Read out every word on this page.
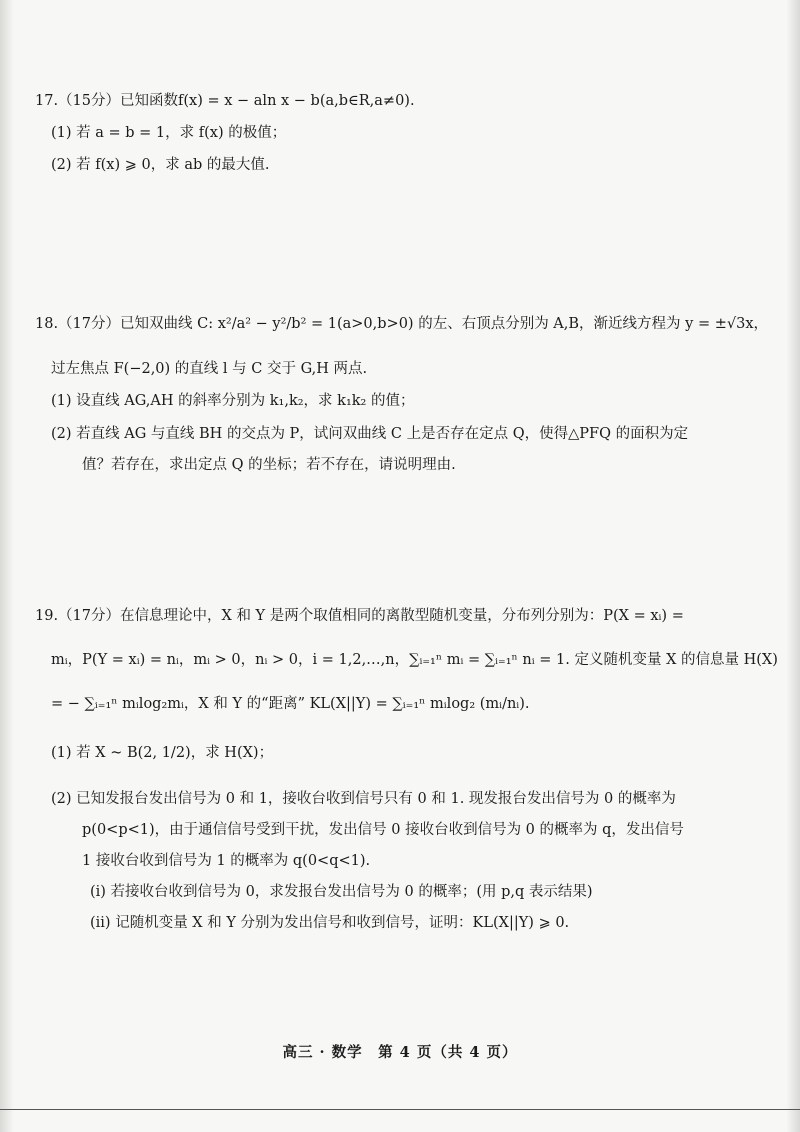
17.（15分）已知函数f(x) = x − aln x − b(a,b∈R,a≠0).
(1) 若 a = b = 1，求 f(x) 的极值；
(2) 若 f(x) ⩾ 0，求 ab 的最大值.
18.（17分）已知双曲线 C: x²/a² − y²/b² = 1(a>0,b>0) 的左、右顶点分别为 A,B，渐近线方程为 y = ±√3x，
过左焦点 F(−2,0) 的直线 l 与 C 交于 G,H 两点.
(1) 设直线 AG,AH 的斜率分别为 k₁,k₂，求 k₁k₂ 的值；
(2) 若直线 AG 与直线 BH 的交点为 P，试问双曲线 C 上是否存在定点 Q，使得△PFQ 的面积为定
值？若存在，求出定点 Q 的坐标；若不存在，请说明理由.
19.（17分）在信息理论中，X 和 Y 是两个取值相同的离散型随机变量，分布列分别为：P(X = xᵢ) =
mᵢ，P(Y = xᵢ) = nᵢ，mᵢ > 0，nᵢ > 0，i = 1,2,…,n，∑ᵢ₌₁ⁿ mᵢ = ∑ᵢ₌₁ⁿ nᵢ = 1. 定义随机变量 X 的信息量 H(X)
= − ∑ᵢ₌₁ⁿ mᵢlog₂mᵢ，X 和 Y 的“距离” KL(X||Y) = ∑ᵢ₌₁ⁿ mᵢlog₂ (mᵢ/nᵢ).
(1) 若 X ~ B(2, 1/2)，求 H(X)；
(2) 已知发报台发出信号为 0 和 1，接收台收到信号只有 0 和 1. 现发报台发出信号为 0 的概率为
p(0<p<1)，由于通信信号受到干扰，发出信号 0 接收台收到信号为 0 的概率为 q，发出信号
1 接收台收到信号为 1 的概率为 q(0<q<1).
(i) 若接收台收到信号为 0，求发报台发出信号为 0 的概率；(用 p,q 表示结果)
(ii) 记随机变量 X 和 Y 分别为发出信号和收到信号，证明：KL(X||Y) ⩾ 0.
高三 · 数学　第 4 页（共 4 页）
